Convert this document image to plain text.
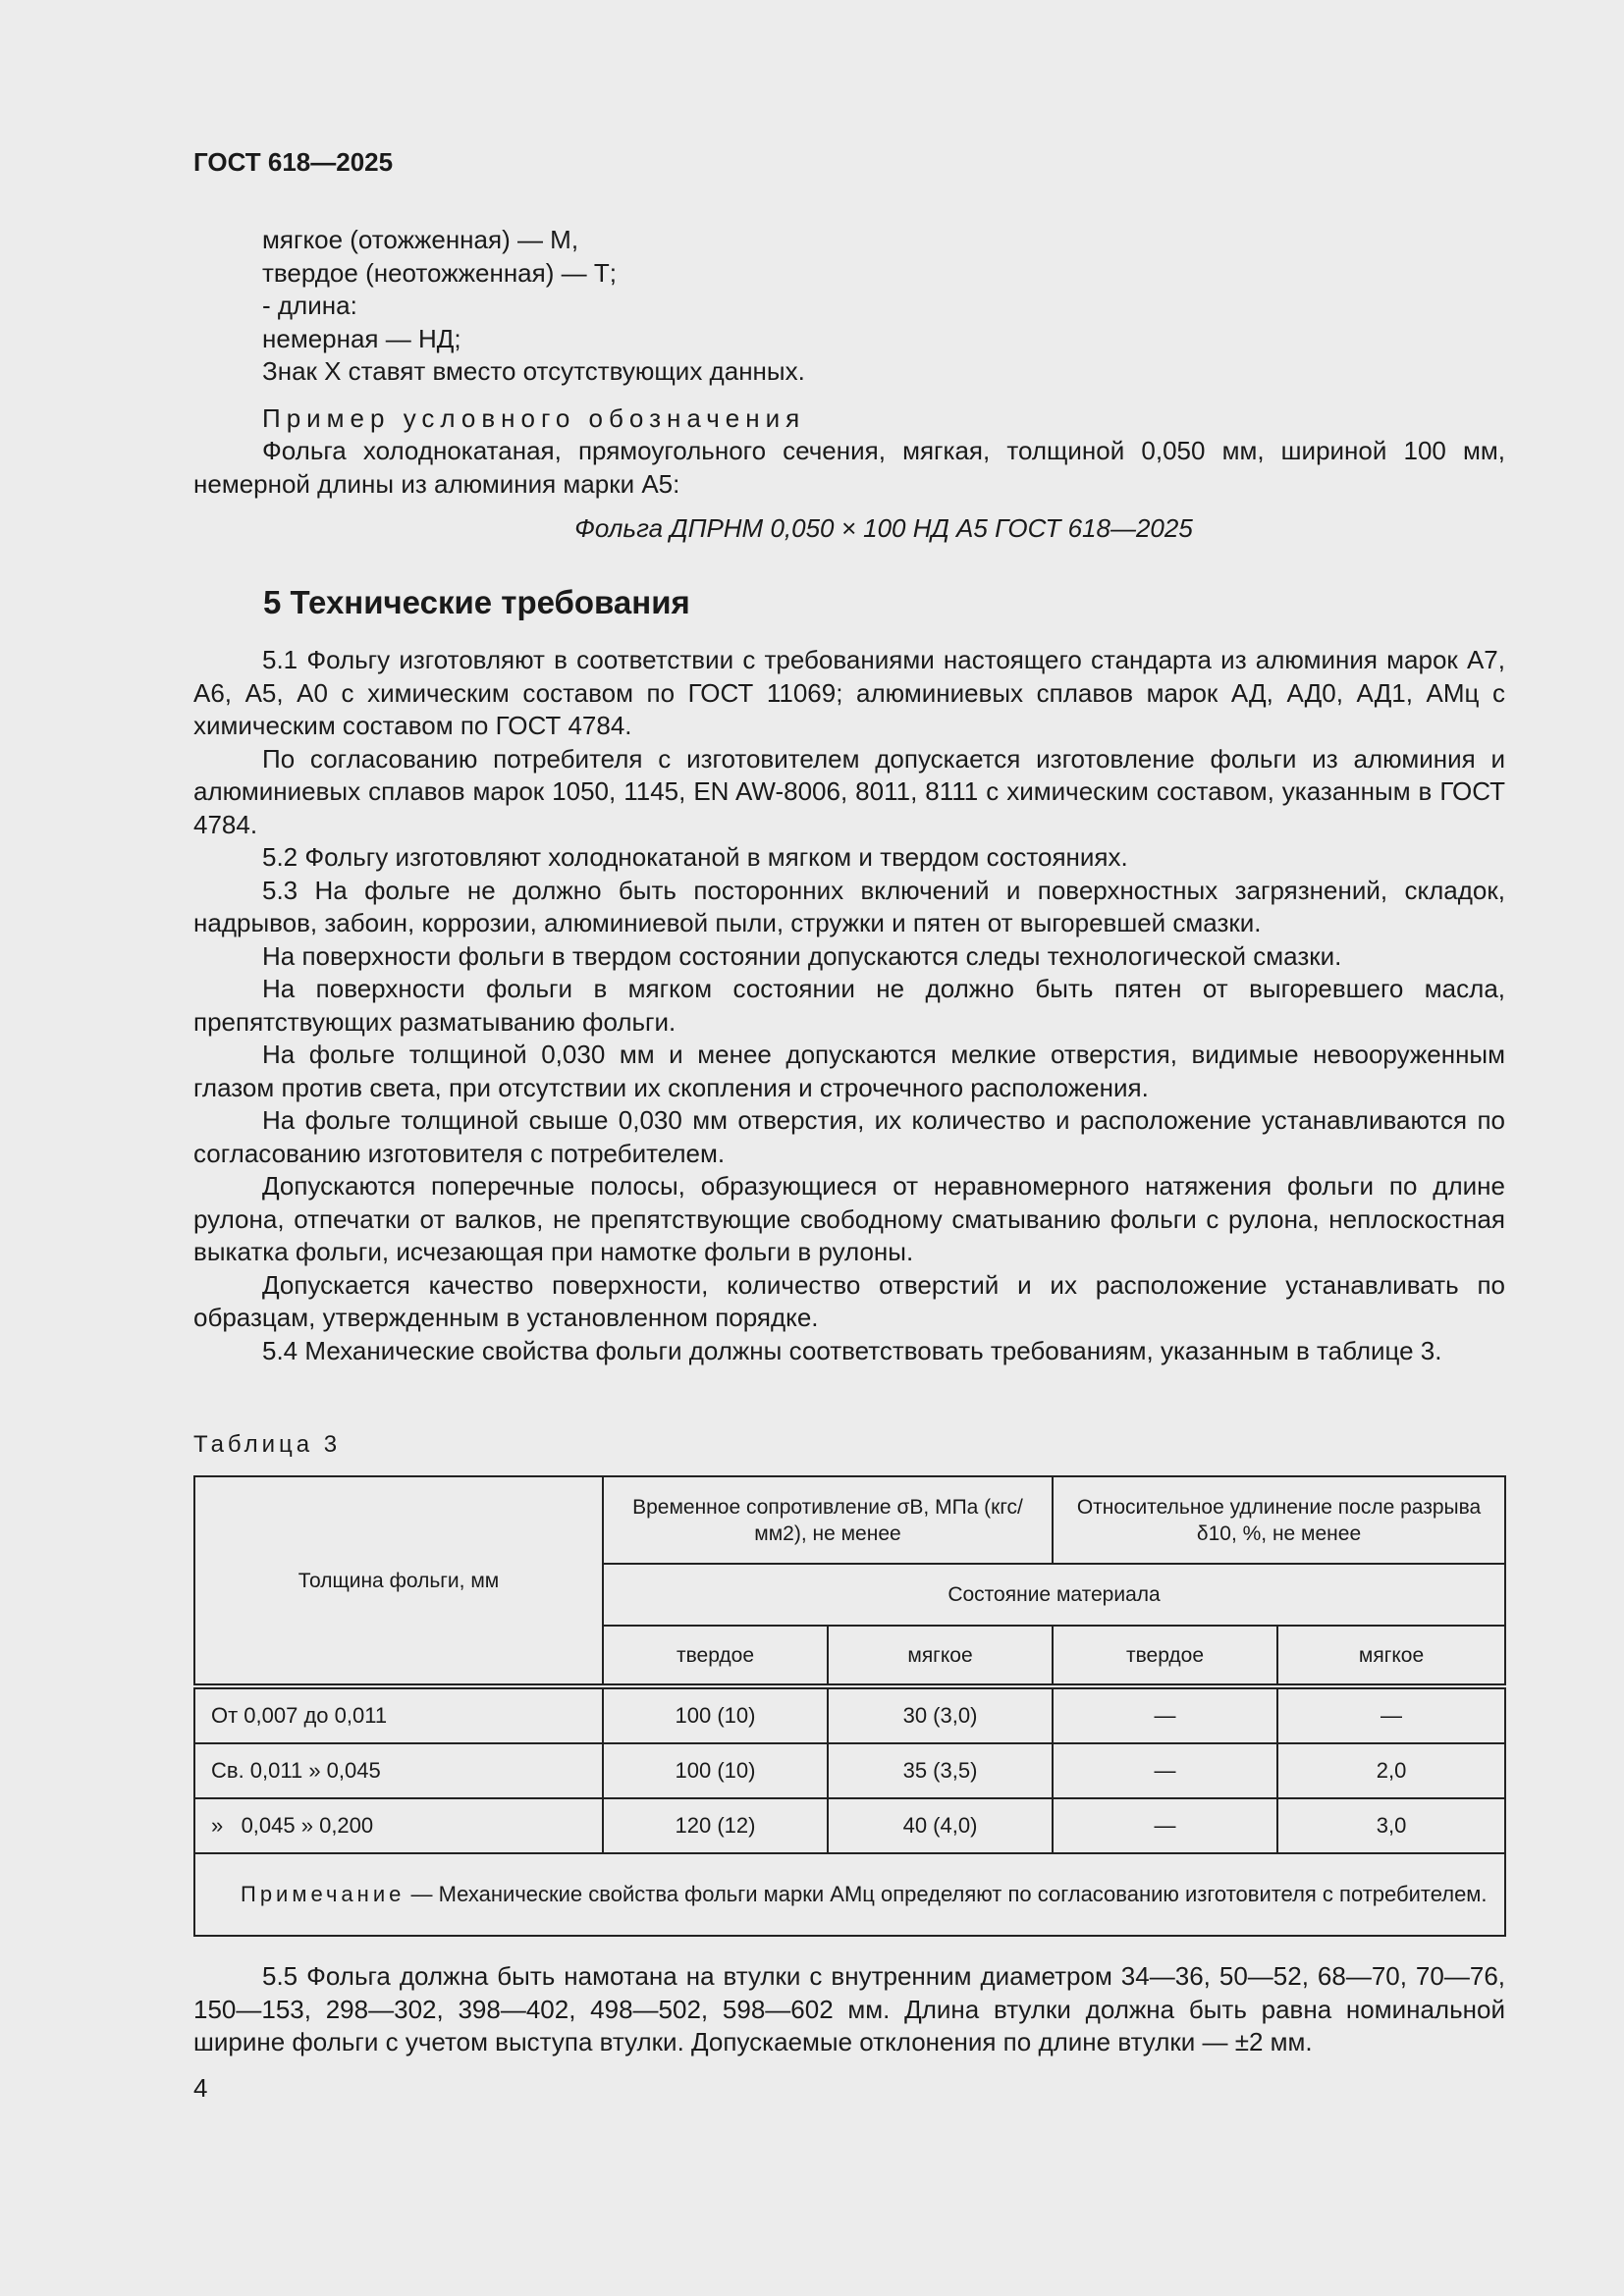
ГОСТ 618—2025

мягкое (отожженная) — М,

твердое (неотожженная) — Т;

- длина:

немерная — НД;

Знак X ставят вместо отсутствующих данных.

Пример условного обозначения

Фольга холоднокатаная, прямоугольного сечения, мягкая, толщиной 0,050 мм, шириной 100 мм, немерной длины из алюминия марки А5:

Фольга ДПРНМ 0,050 × 100 НД А5 ГОСТ 618—2025

5 Технические требования

5.1 Фольгу изготовляют в соответствии с требованиями настоящего стандарта из алюминия марок А7, А6, А5, А0 с химическим составом по ГОСТ 11069; алюминиевых сплавов марок АД, АД0, АД1, АМц с химическим составом по ГОСТ 4784.

По согласованию потребителя с изготовителем допускается изготовление фольги из алюминия и алюминиевых сплавов марок 1050, 1145, EN AW-8006, 8011, 8111 с химическим составом, указанным в ГОСТ 4784.

5.2 Фольгу изготовляют холоднокатаной в мягком и твердом состояниях.

5.3 На фольге не должно быть посторонних включений и поверхностных загрязнений, складок, надрывов, забоин, коррозии, алюминиевой пыли, стружки и пятен от выгоревшей смазки.

На поверхности фольги в твердом состоянии допускаются следы технологической смазки.

На поверхности фольги в мягком состоянии не должно быть пятен от выгоревшего масла, препятствующих разматыванию фольги.

На фольге толщиной 0,030 мм и менее допускаются мелкие отверстия, видимые невооруженным глазом против света, при отсутствии их скопления и строчечного расположения.

На фольге толщиной свыше 0,030 мм отверстия, их количество и расположение устанавливаются по согласованию изготовителя с потребителем.

Допускаются поперечные полосы, образующиеся от неравномерного натяжения фольги по длине рулона, отпечатки от валков, не препятствующие свободному сматыванию фольги с рулона, неплоскостная выкатка фольги, исчезающая при намотке фольги в рулоны.

Допускается качество поверхности, количество отверстий и их расположение устанавливать по образцам, утвержденным в установленном порядке.

5.4 Механические свойства фольги должны соответствовать требованиям, указанным в таблице 3.

Таблица 3

Толщина фольги, мм	Временное сопротивление σB, МПа (кгс/мм2), не менее		Относительное удлинение после разрыва δ10, %, не менее	
	Состояние материала			
	твердое	мягкое	твердое	мягкое
От 0,007 до 0,011	100 (10)	30 (3,0)	—	—
Св. 0,011 » 0,045	100 (10)	35 (3,5)	—	2,0
»   0,045 » 0,200	120 (12)	40 (4,0)	—	3,0
Примечание — Механические свойства фольги марки АМц определяют по согласованию изготовителя с потребителем.				

5.5 Фольга должна быть намотана на втулки с внутренним диаметром 34—36, 50—52, 68—70, 70—76, 150—153, 298—302, 398—402, 498—502, 598—602 мм. Длина втулки должна быть равна номинальной ширине фольги с учетом выступа втулки. Допускаемые отклонения по длине втулки — ±2 мм.

4
